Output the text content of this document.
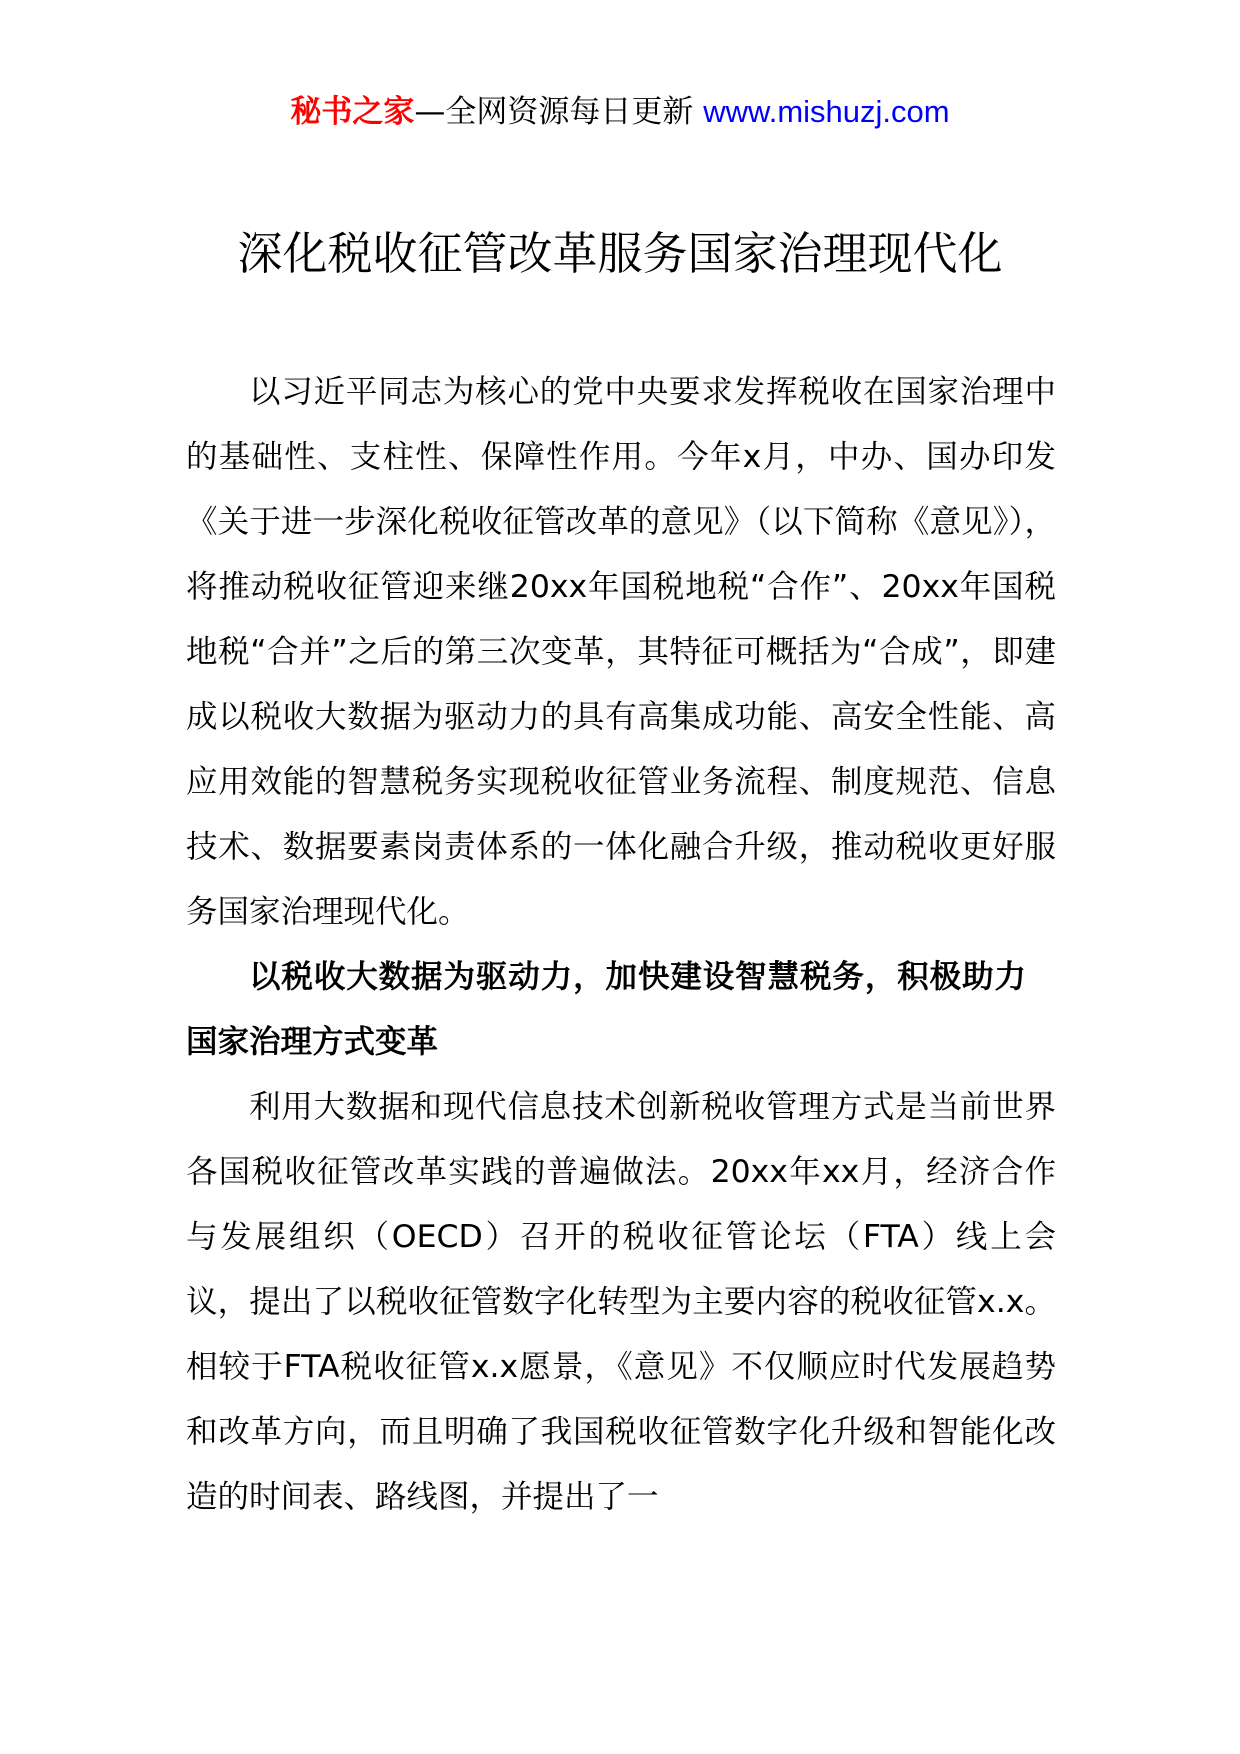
秘书之家—全网资源每日更新 www.mishuzj.com
深化税收征管改革服务国家治理现代化

以习近平同志为核心的党中央要求发挥税收在国家治理中的基础性、支柱性、保障性作用。今年x月，中办、国办印发《关于进一步深化税收征管改革的意见》（以下简称《意见》），将推动税收征管迎来继20xx年国税地税“合作”、20xx年国税地税“合并”之后的第三次变革，其特征可概括为“合成”，即建成以税收大数据为驱动力的具有高集成功能、高安全性能、高应用效能的智慧税务实现税收征管业务流程、制度规范、信息技术、数据要素岗责体系的一体化融合升级，推动税收更好服务国家治理现代化。

以税收大数据为驱动力，加快建设智慧税务，积极助力国家治理方式变革

利用大数据和现代信息技术创新税收管理方式是当前世界各国税收征管改革实践的普遍做法。20xx年xx月，经济合作与发展组织（OECD）召开的税收征管论坛（FTA）线上会议，提出了以税收征管数字化转型为主要内容的税收征管x.x。相较于FTA税收征管x.x愿景，《意见》不仅顺应时代发展趋势和改革方向，而且明确了我国税收征管数字化升级和智能化改造的时间表、路线图，并提出了一
